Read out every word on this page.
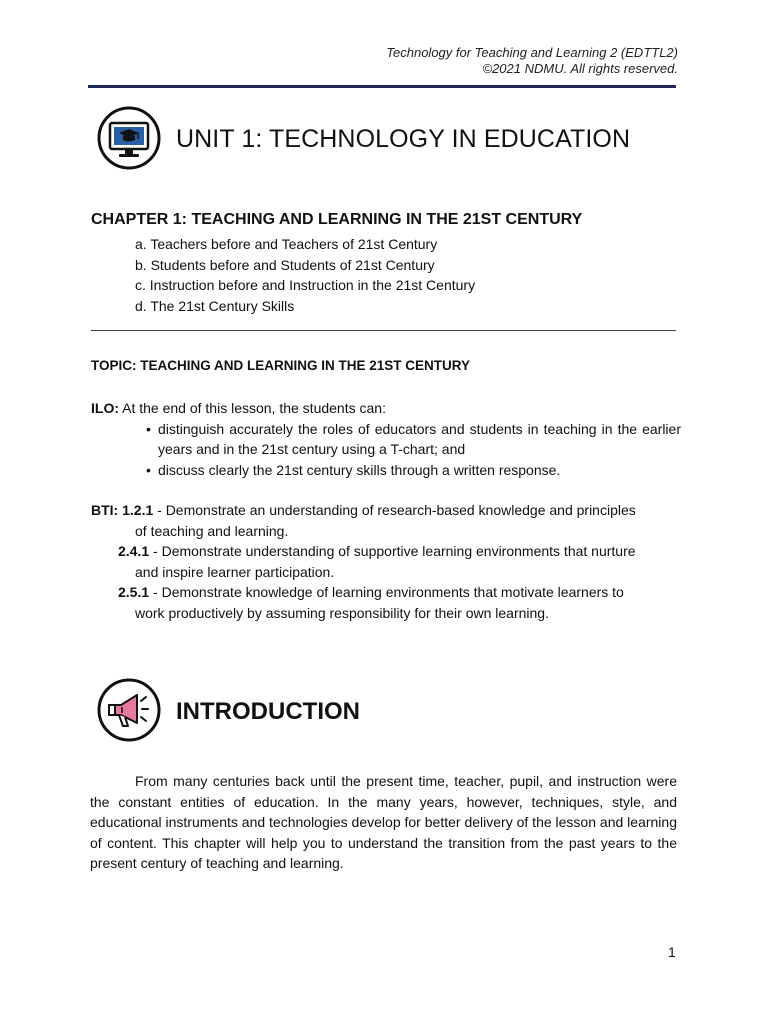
Technology for Teaching and Learning 2 (EDTTL2)
©2021 NDMU. All rights reserved.
UNIT 1: TECHNOLOGY IN EDUCATION
CHAPTER 1: TEACHING AND LEARNING IN THE 21ST CENTURY
a. Teachers before and Teachers of 21st Century
b. Students before and Students of 21st Century
c. Instruction before and Instruction in the 21st Century
d. The 21st Century Skills
TOPIC: TEACHING AND LEARNING IN THE 21ST CENTURY
ILO: At the end of this lesson, the students can:
• distinguish accurately the roles of educators and students in teaching in the earlier years and in the 21st century using a T-chart; and
• discuss clearly the 21st century skills through a written response.
BTI: 1.2.1 - Demonstrate an understanding of research-based knowledge and principles
of teaching and learning.
2.4.1 - Demonstrate understanding of supportive learning environments that nurture
and inspire learner participation.
2.5.1 - Demonstrate knowledge of learning environments that motivate learners to
work productively by assuming responsibility for their own learning.
INTRODUCTION

From many centuries back until the present time, teacher, pupil, and instruction were the constant entities of education. In the many years, however, techniques, style, and educational instruments and technologies develop for better delivery of the lesson and learning of content. This chapter will help you to understand the transition from the past years to the present century of teaching and learning.

1
